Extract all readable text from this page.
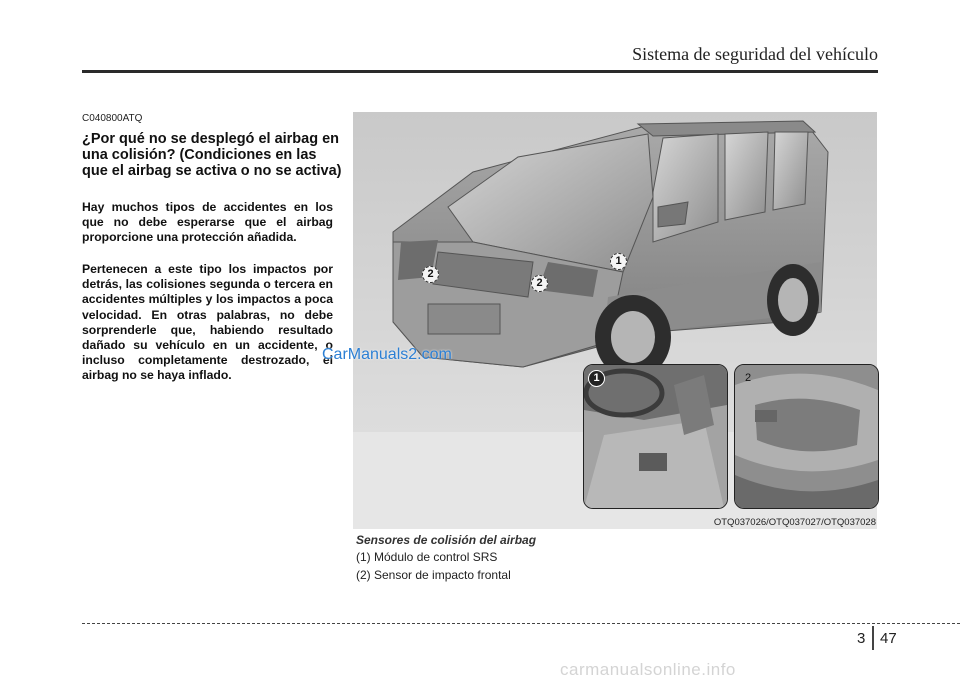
Sistema de seguridad del vehículo
C040800ATQ
¿Por qué no se desplegó el airbag en una colisión? (Condiciones en las que el airbag se activa o no se activa)

Hay muchos tipos de accidentes en los que no debe esperarse que el airbag proporcione una protección añadida.

Pertenecen a este tipo los impactos por detrás, las colisiones segunda o tercera en accidentes múltiples y los impactos a poca velocidad. En otras palabras, no debe sorprenderle que, habiendo resultado dañado su vehículo en un accidente, o incluso completamente destrozado, el airbag no se haya inflado.

2
2
1
1	2
OTQ037026/OTQ037027/OTQ037028
CarManuals2.com
Sensores de colisión del airbag
(1) Módulo de control SRS
(2) Sensor de impacto frontal
3 47
carmanualsonline.info
